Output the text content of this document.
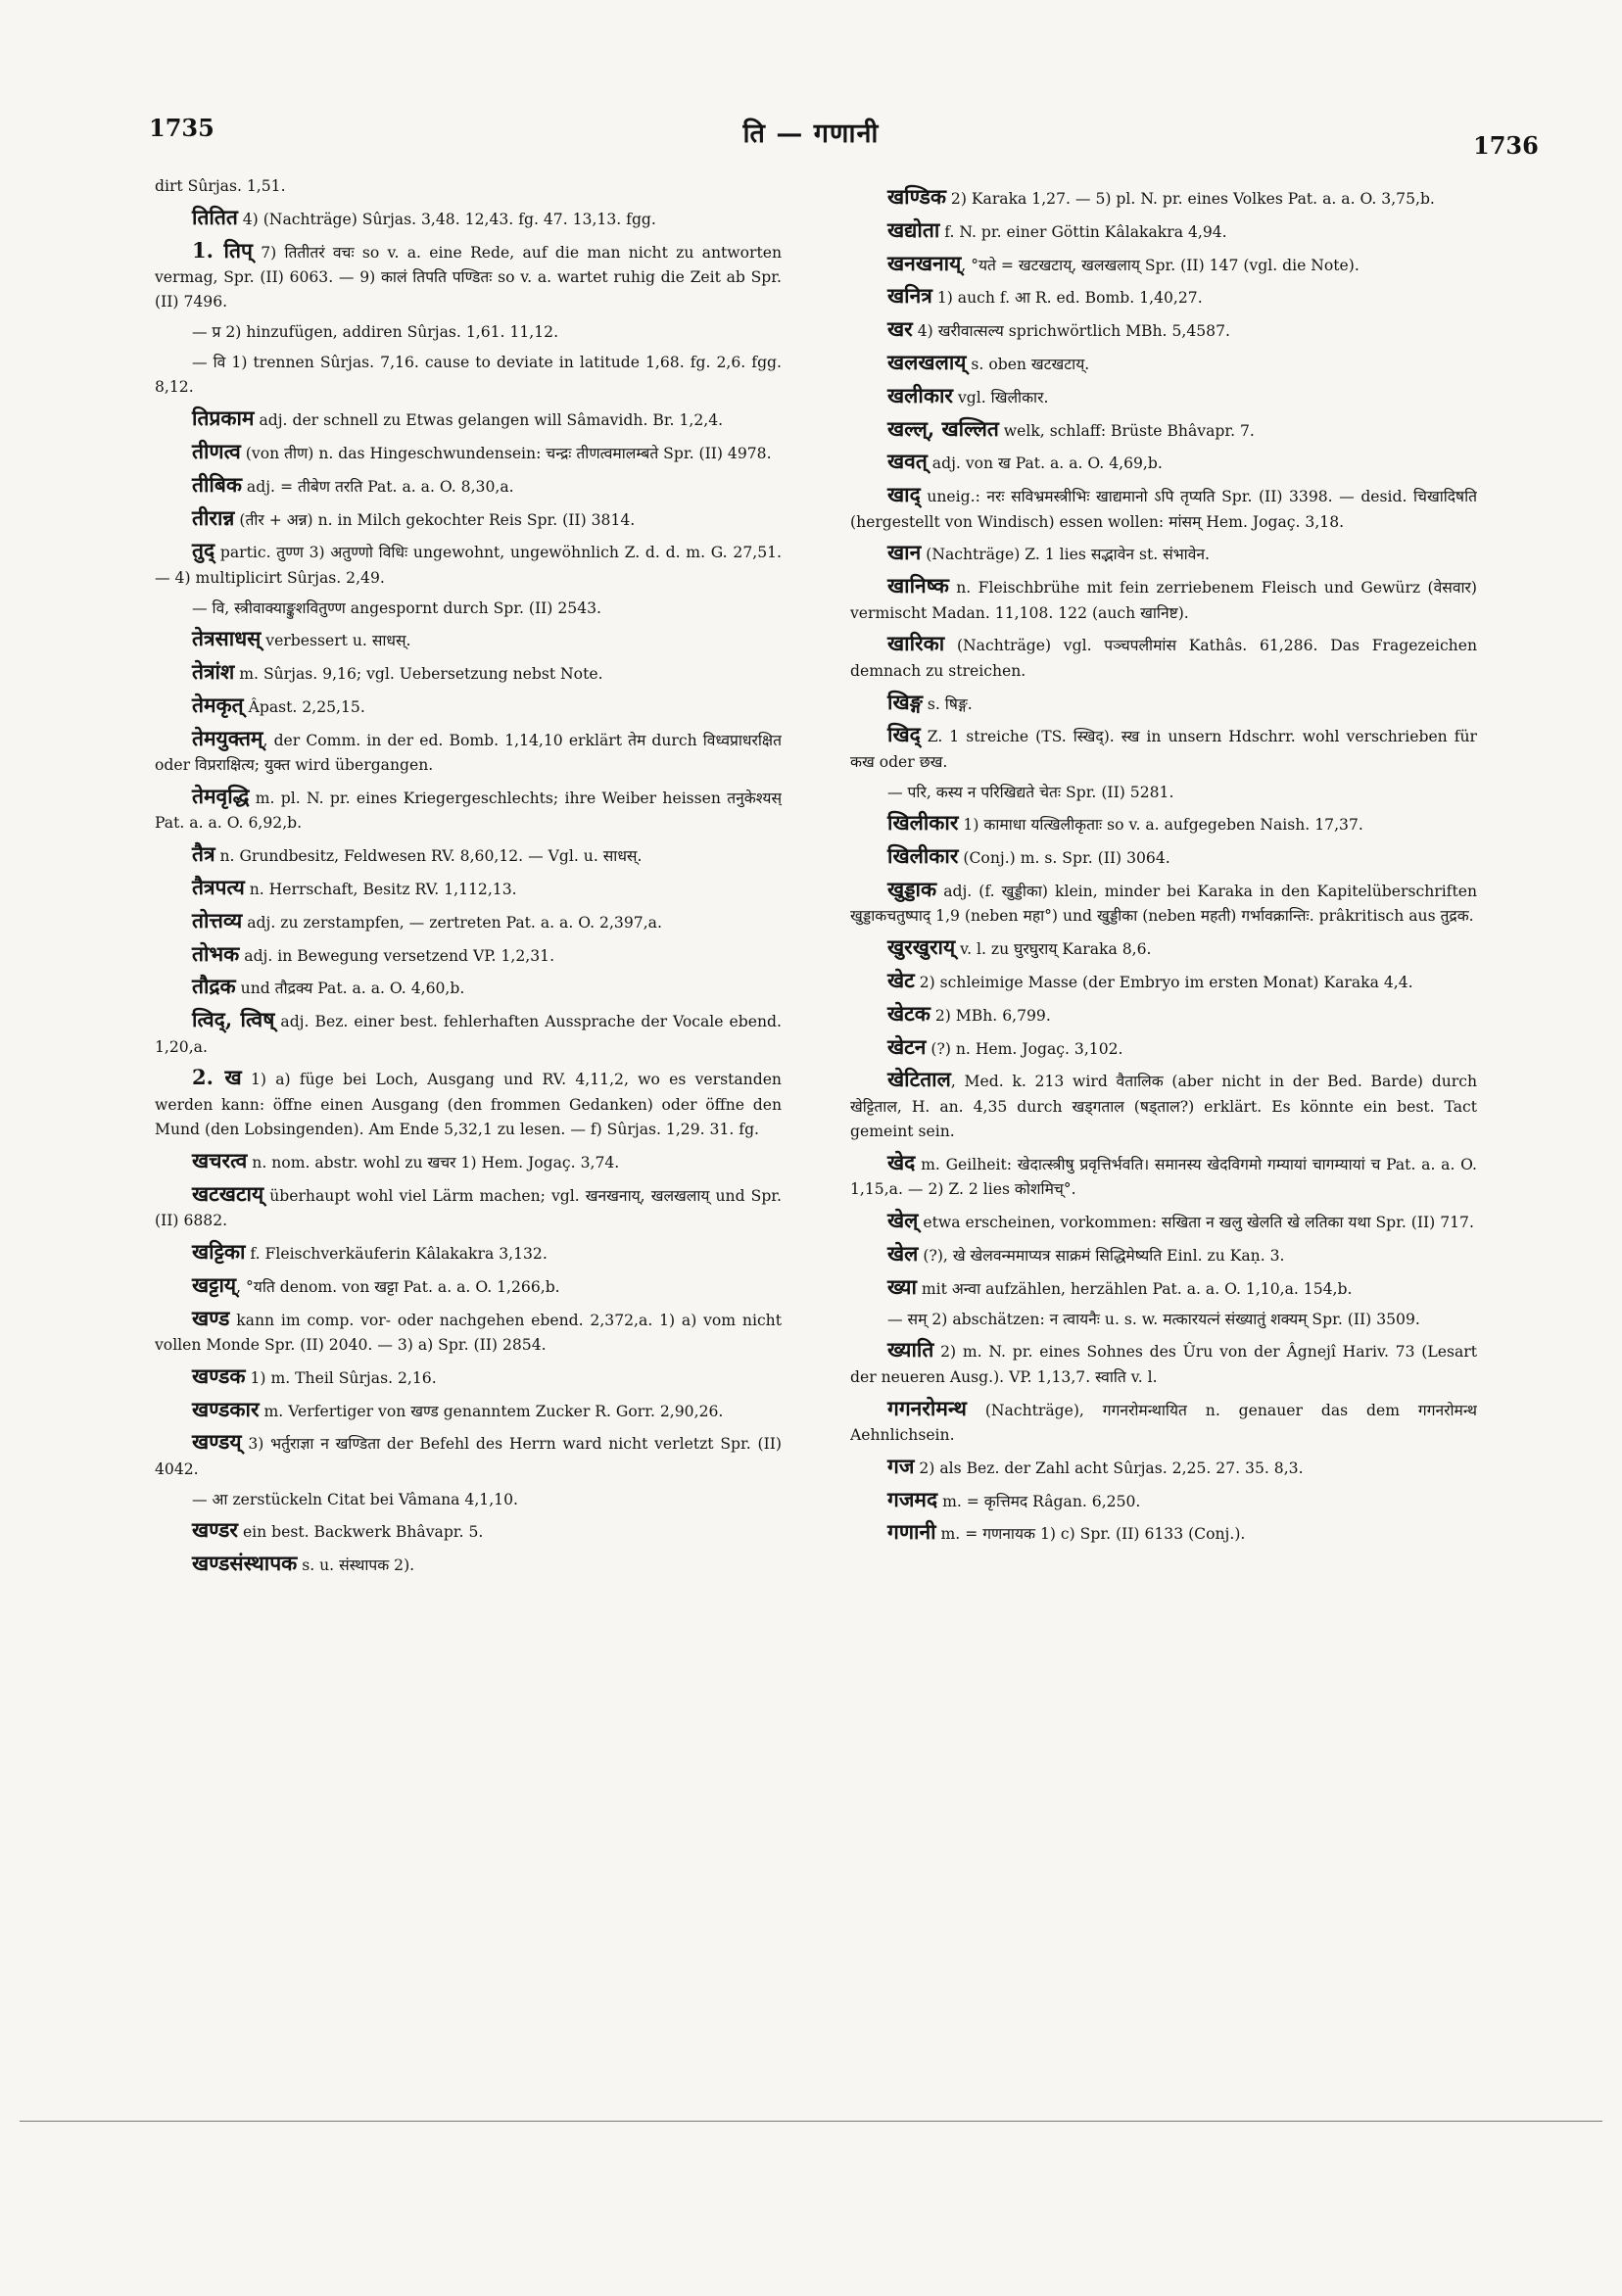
1735	ति — गणानी	1736

dirt Sûrjas. 1,51.

तितित 4) (Nachträge) Sûrjas. 3,48. 12,43. fg. 47. 13,13. fgg.

1. तिप् 7) तितीतरं वचः so v. a. eine Rede, auf die man nicht zu antworten vermag, Spr. (II) 6063. — 9) कालं तिपति पण्डितः so v. a. wartet ruhig die Zeit ab Spr. (II) 7496.

— प्र 2) hinzufügen, addiren Sûrjas. 1,61. 11,12.

— वि 1) trennen Sûrjas. 7,16. cause to deviate in latitude 1,68. fg. 2,6. fgg. 8,12.

तिप्रकाम adj. der schnell zu Etwas gelangen will Sâmavidh. Br. 1,2,4.

तीणत्व (von तीण) n. das Hingeschwundensein: चन्द्रः तीणत्वमालम्बते Spr. (II) 4978.

तीबिक adj. = तीबेण तरति Pat. a. a. O. 8,30,a.

तीरान्न (तीर + अन्न) n. in Milch gekochter Reis Spr. (II) 3814.

तुद् partic. तुण्ण 3) अतुण्णो विधिः ungewohnt, ungewöhnlich Z. d. d. m. G. 27,51. — 4) multiplicirt Sûrjas. 2,49.

— वि, स्त्रीवाक्याङ्कुशवितुण्ण angespornt durch Spr. (II) 2543.

तेत्रसाधस् verbessert u. साधस्.

तेत्रांश m. Sûrjas. 9,16; vgl. Uebersetzung nebst Note.

तेमकृत् Âpast. 2,25,15.

तेमयुक्तम्, der Comm. in der ed. Bomb. 1,14,10 erklärt तेम durch विध्वप्राधरक्षित oder विप्रराक्षित्य; युक्त wird übergangen.

तेमवृद्धि m. pl. N. pr. eines Kriegergeschlechts; ihre Weiber heissen तनुकेश्यस् Pat. a. a. O. 6,92,b.

तैत्र n. Grundbesitz, Feldwesen RV. 8,60,12. — Vgl. u. साधस्.

तैत्रपत्य n. Herrschaft, Besitz RV. 1,112,13.

तोत्तव्य adj. zu zerstampfen, — zertreten Pat. a. a. O. 2,397,a.

तोभक adj. in Bewegung versetzend VP. 1,2,31.

तौद्रक und तौद्रक्य Pat. a. a. O. 4,60,b.

त्विद्, त्विष् adj. Bez. einer best. fehlerhaften Aussprache der Vocale ebend. 1,20,a.

2. ख 1) a) füge bei Loch, Ausgang und RV. 4,11,2, wo es verstanden werden kann: öffne einen Ausgang (den frommen Gedanken) oder öffne den Mund (den Lobsingenden). Am Ende 5,32,1 zu lesen. — f) Sûrjas. 1,29. 31. fg.

खचरत्व n. nom. abstr. wohl zu खचर 1) Hem. Jogaç. 3,74.

खटखटाय् überhaupt wohl viel Lärm machen; vgl. खनखनाय्, खलखलाय् und Spr. (II) 6882.

खट्टिका f. Fleischverkäuferin Kâlakakra 3,132.

खट्टाय्, °यति denom. von खट्टा Pat. a. a. O. 1,266,b.

खण्ड kann im comp. vor- oder nachgehen ebend. 2,372,a. 1) a) vom nicht vollen Monde Spr. (II) 2040. — 3) a) Spr. (II) 2854.

खण्डक 1) m. Theil Sûrjas. 2,16.

खण्डकार m. Verfertiger von खण्ड genanntem Zucker R. Gorr. 2,90,26.

खण्डय् 3) भर्तुराज्ञा न खण्डिता der Befehl des Herrn ward nicht verletzt Spr. (II) 4042.

— आ zerstückeln Citat bei Vâmana 4,1,10.

खण्डर ein best. Backwerk Bhâvapr. 5.

खण्डसंस्थापक s. u. संस्थापक 2).

खण्डिक 2) Karaka 1,27. — 5) pl. N. pr. eines Volkes Pat. a. a. O. 3,75,b.

खद्योता f. N. pr. einer Göttin Kâlakakra 4,94.

खनखनाय्, °यते = खटखटाय्, खलखलाय् Spr. (II) 147 (vgl. die Note).

खनित्र 1) auch f. आ R. ed. Bomb. 1,40,27.

खर 4) खरीवात्सल्य sprichwörtlich MBh. 5,4587.

खलखलाय् s. oben खटखटाय्.

खलीकार vgl. खिलीकार.

खल्ल्, खल्लित welk, schlaff: Brüste Bhâvapr. 7.

खवत् adj. von ख Pat. a. a. O. 4,69,b.

खाद् uneig.: नरः सविभ्रमस्त्रीभिः खाद्यमानो ऽपि तृप्यति Spr. (II) 3398. — desid. चिखादिषति (hergestellt von Windisch) essen wollen: मांसम् Hem. Jogaç. 3,18.

खान (Nachträge) Z. 1 lies सद्भावेन st. संभावेन.

खानिष्क n. Fleischbrühe mit fein zerriebenem Fleisch und Gewürz (वेसवार) vermischt Madan. 11,108. 122 (auch खानिष्ट).

खारिका (Nachträge) vgl. पञ्चपलीमांस Kathâs. 61,286. Das Fragezeichen demnach zu streichen.

खिङ्ग s. षिङ्ग.

खिद् Z. 1 streiche (TS. स्खिद्). स्ख in unsern Hdschrr. wohl verschrieben für कख oder छख.

— परि, कस्य न परिखिद्यते चेतः Spr. (II) 5281.

खिलीकार 1) कामाधा यत्खिलीकृताः so v. a. aufgegeben Naish. 17,37.

खिलीकार (Conj.) m. s. Spr. (II) 3064.

खुड्डाक adj. (f. खुड्डीका) klein, minder bei Karaka in den Kapitelüberschriften खुड्डाकचतुष्पाद् 1,9 (neben महा°) und खुड्डीका (neben महती) गर्भावक्रान्तिः. prâkritisch aus तुद्रक.

खुरखुराय् v. l. zu घुरघुराय् Karaka 8,6.

खेट 2) schleimige Masse (der Embryo im ersten Monat) Karaka 4,4.

खेटक 2) MBh. 6,799.

खेटन (?) n. Hem. Jogaç. 3,102.

खेटिताल, Med. k. 213 wird वैतालिक (aber nicht in der Bed. Barde) durch खेट्टिताल, H. an. 4,35 durch खड्गताल (षड्ताल?) erklärt. Es könnte ein best. Tact gemeint sein.

खेद m. Geilheit: खेदात्स्त्रीषु प्रवृत्तिर्भवति। समानस्य खेदविगमो गम्यायां चागम्यायां च Pat. a. a. O. 1,15,a. — 2) Z. 2 lies कोशमिच्°.

खेल् etwa erscheinen, vorkommen: सखिता न खलु खेलति खे लतिका यथा Spr. (II) 717.

खेल (?), खे खेलवन्ममाप्यत्र साक्रमं सिद्धिमेष्यति Einl. zu Kaṇ. 3.

ख्या mit अन्वा aufzählen, herzählen Pat. a. a. O. 1,10,a. 154,b.

— सम् 2) abschätzen: न त्वायनैः u. s. w. मत्कारयत्नं संख्यातुं शक्यम् Spr. (II) 3509.

ख्याति 2) m. N. pr. eines Sohnes des Ûru von der Âgnejî Hariv. 73 (Lesart der neueren Ausg.). VP. 1,13,7. स्वाति v. l.

गगनरोमन्थ (Nachträge), गगनरोमन्थायित n. genauer das dem गगनरोमन्थ Aehnlichsein.

गज 2) als Bez. der Zahl acht Sûrjas. 2,25. 27. 35. 8,3.

गजमद m. = कृत्तिमद Râgan. 6,250.

गणानी m. = गणनायक 1) c) Spr. (II) 6133 (Conj.).
